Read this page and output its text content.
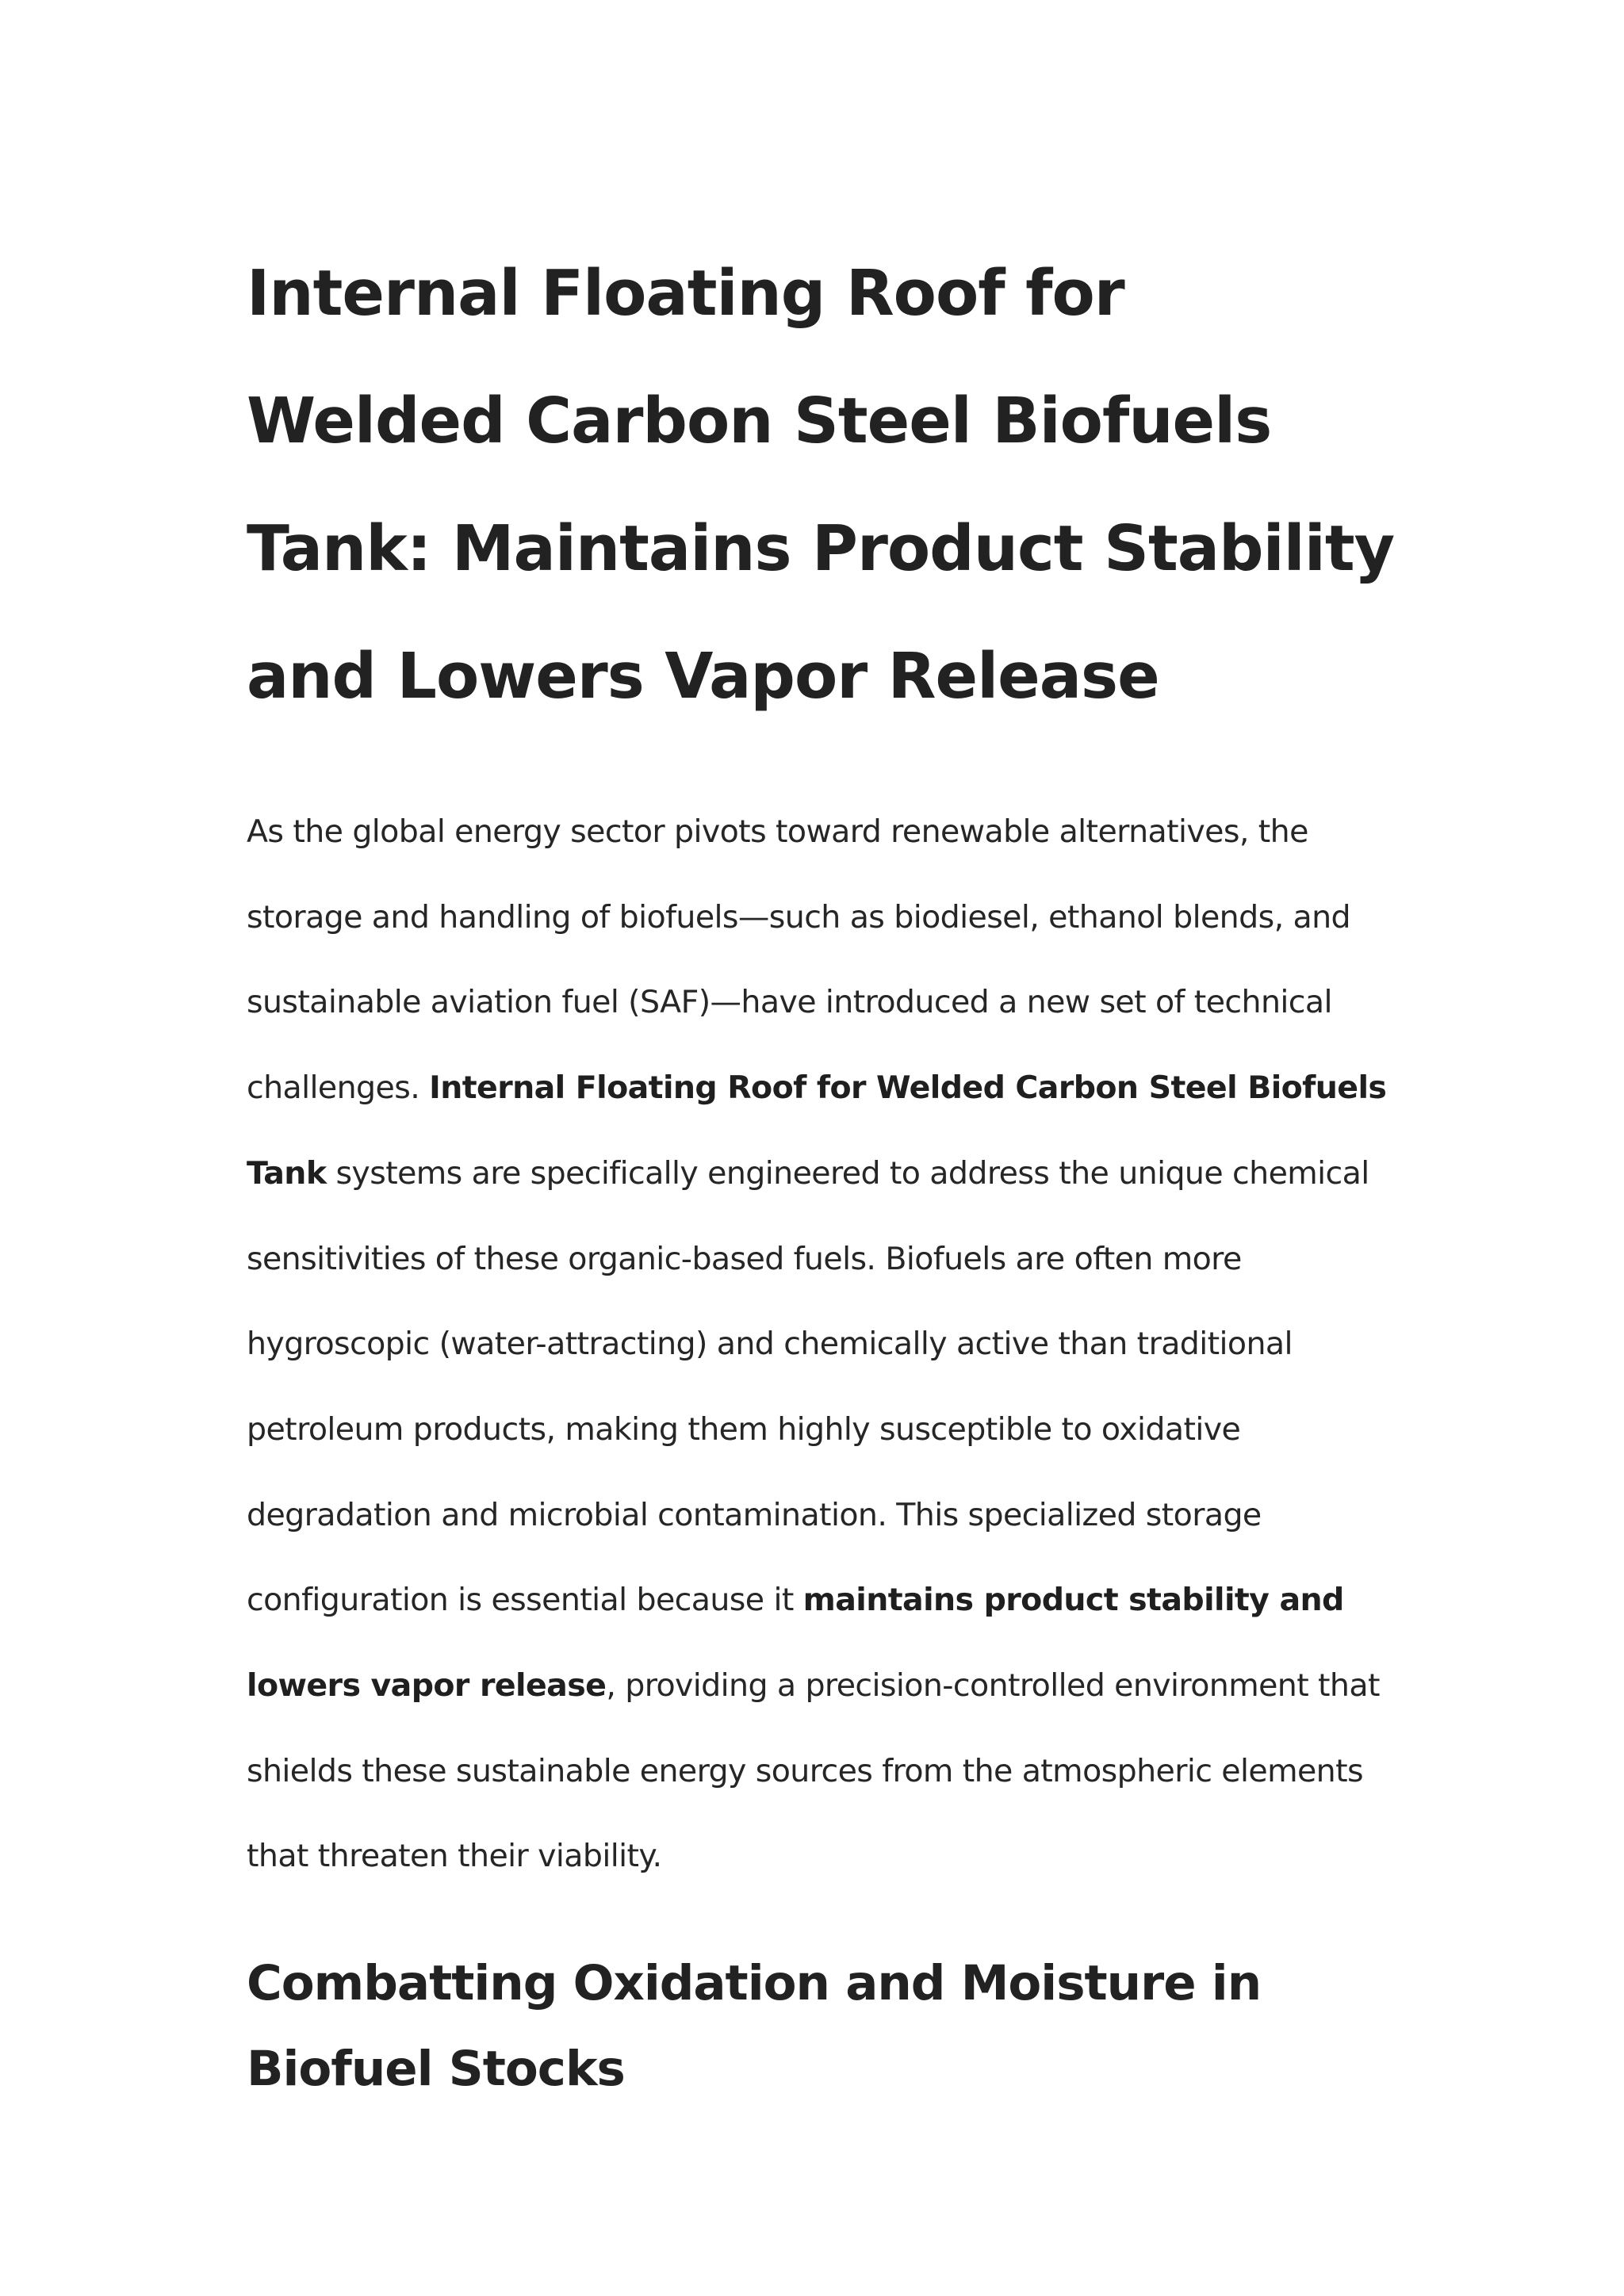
Internal Floating Roof for Welded Carbon Steel Biofuels Tank: Maintains Product Stability and Lowers Vapor Release

As the global energy sector pivots toward renewable alternatives, the storage and handling of biofuels—such as biodiesel, ethanol blends, and sustainable aviation fuel (SAF)—have introduced a new set of technical challenges. Internal Floating Roof for Welded Carbon Steel Biofuels Tank systems are specifically engineered to address the unique chemical sensitivities of these organic-based fuels. Biofuels are often more hygroscopic (water-attracting) and chemically active than traditional petroleum products, making them highly susceptible to oxidative degradation and microbial contamination. This specialized storage configuration is essential because it maintains product stability and lowers vapor release, providing a precision-controlled environment that shields these sustainable energy sources from the atmospheric elements that threaten their viability.

Combatting Oxidation and Moisture in Biofuel Stocks
